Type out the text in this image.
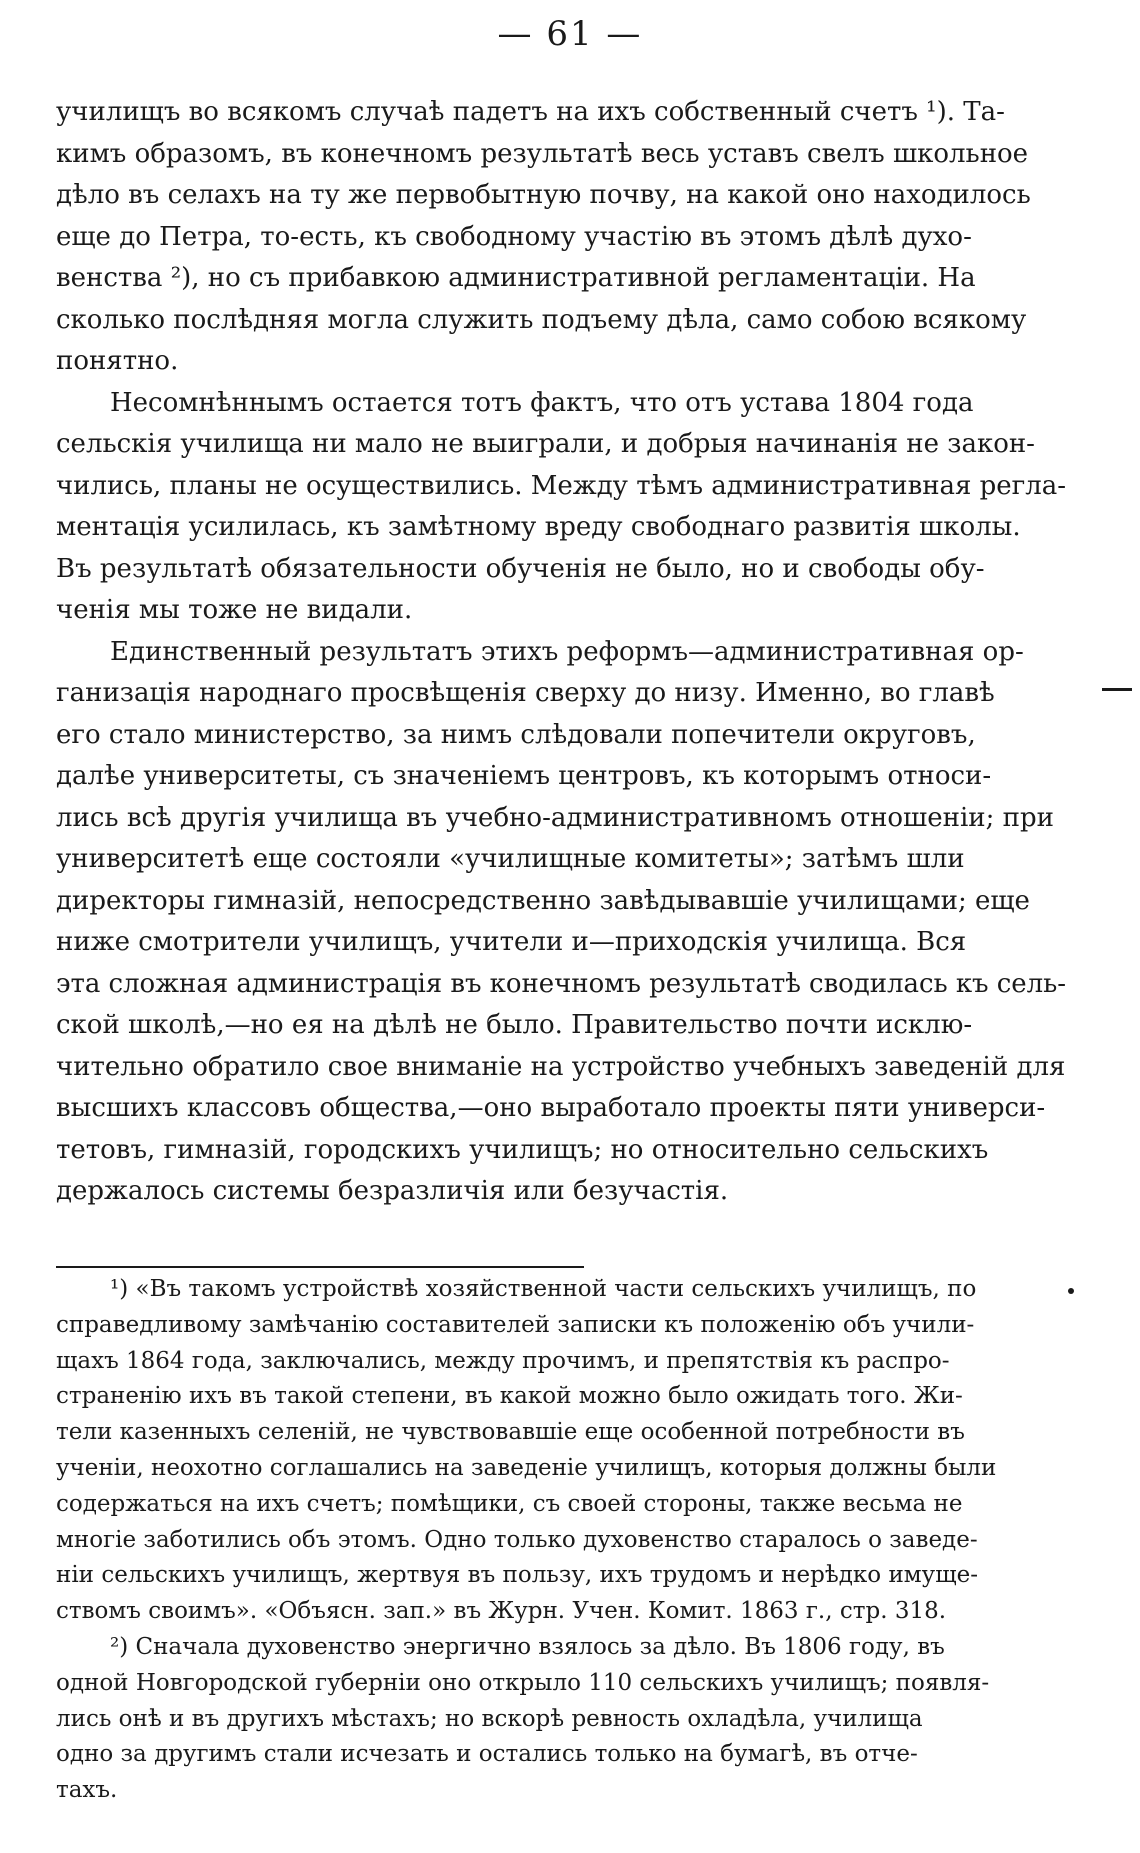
— 61 —
училищъ во всякомъ случаѣ падетъ на ихъ собственный счетъ ¹). Та-
кимъ образомъ, въ конечномъ результатѣ весь уставъ свелъ школьное
дѣло въ селахъ на ту же первобытную почву, на какой оно находилось
еще до Петра, то-есть, къ свободному участію въ этомъ дѣлѣ духо-
венства ²), но съ прибавкою административной регламентаціи. На
сколько послѣдняя могла служить подъему дѣла, само собою всякому
понятно.
Несомнѣннымъ остается тотъ фактъ, что отъ устава 1804 года
сельскія училища ни мало не выиграли, и добрыя начинанія не закон-
чились, планы не осуществились. Между тѣмъ административная регла-
ментація усилилась, къ замѣтному вреду свободнаго развитія школы.
Въ результатѣ обязательности обученія не было, но и свободы обу-
ченія мы тоже не видали.
Единственный результатъ этихъ реформъ—административная ор-
ганизація народнаго просвѣщенія сверху до низу. Именно, во главѣ
его стало министерство, за нимъ слѣдовали попечители округовъ,
далѣе университеты, съ значеніемъ центровъ, къ которымъ относи-
лись всѣ другія училища въ учебно-административномъ отношеніи; при
университетѣ еще состояли «училищные комитеты»; затѣмъ шли
директоры гимназій, непосредственно завѣдывавшіе училищами; еще
ниже смотрители училищъ, учители и—приходскія училища. Вся
эта сложная администрація въ конечномъ результатѣ сводилась къ сель-
ской школѣ,—но ея на дѣлѣ не было. Правительство почти исклю-
чительно обратило свое вниманіе на устройство учебныхъ заведеній для
высшихъ классовъ общества,—оно выработало проекты пяти универси-
тетовъ, гимназій, городскихъ училищъ; но относительно сельскихъ
держалось системы безразличія или безучастія.
¹) «Въ такомъ устройствѣ хозяйственной части сельскихъ училищъ, по
справедливому замѣчанію составителей записки къ положенію объ учили-
щахъ 1864 года, заключались, между прочимъ, и препятствія къ распро-
страненію ихъ въ такой степени, въ какой можно было ожидать того. Жи-
тели казенныхъ селеній, не чувствовавшіе еще особенной потребности въ
ученіи, неохотно соглашались на заведеніе училищъ, которыя должны были
содержаться на ихъ счетъ; помѣщики, съ своей стороны, также весьма не
многіе заботились объ этомъ. Одно только духовенство старалось о заведе-
ніи сельскихъ училищъ, жертвуя въ пользу, ихъ трудомъ и нерѣдко имуще-
ствомъ своимъ». «Объясн. зап.» въ Журн. Учен. Комит. 1863 г., стр. 318.
²) Сначала духовенство энергично взялось за дѣло. Въ 1806 году, въ
одной Новгородской губерніи оно открыло 110 сельскихъ училищъ; появля-
лись онѣ и въ другихъ мѣстахъ; но вскорѣ ревность охладѣла, училища
одно за другимъ стали исчезать и остались только на бумагѣ, въ отче-
тахъ.
